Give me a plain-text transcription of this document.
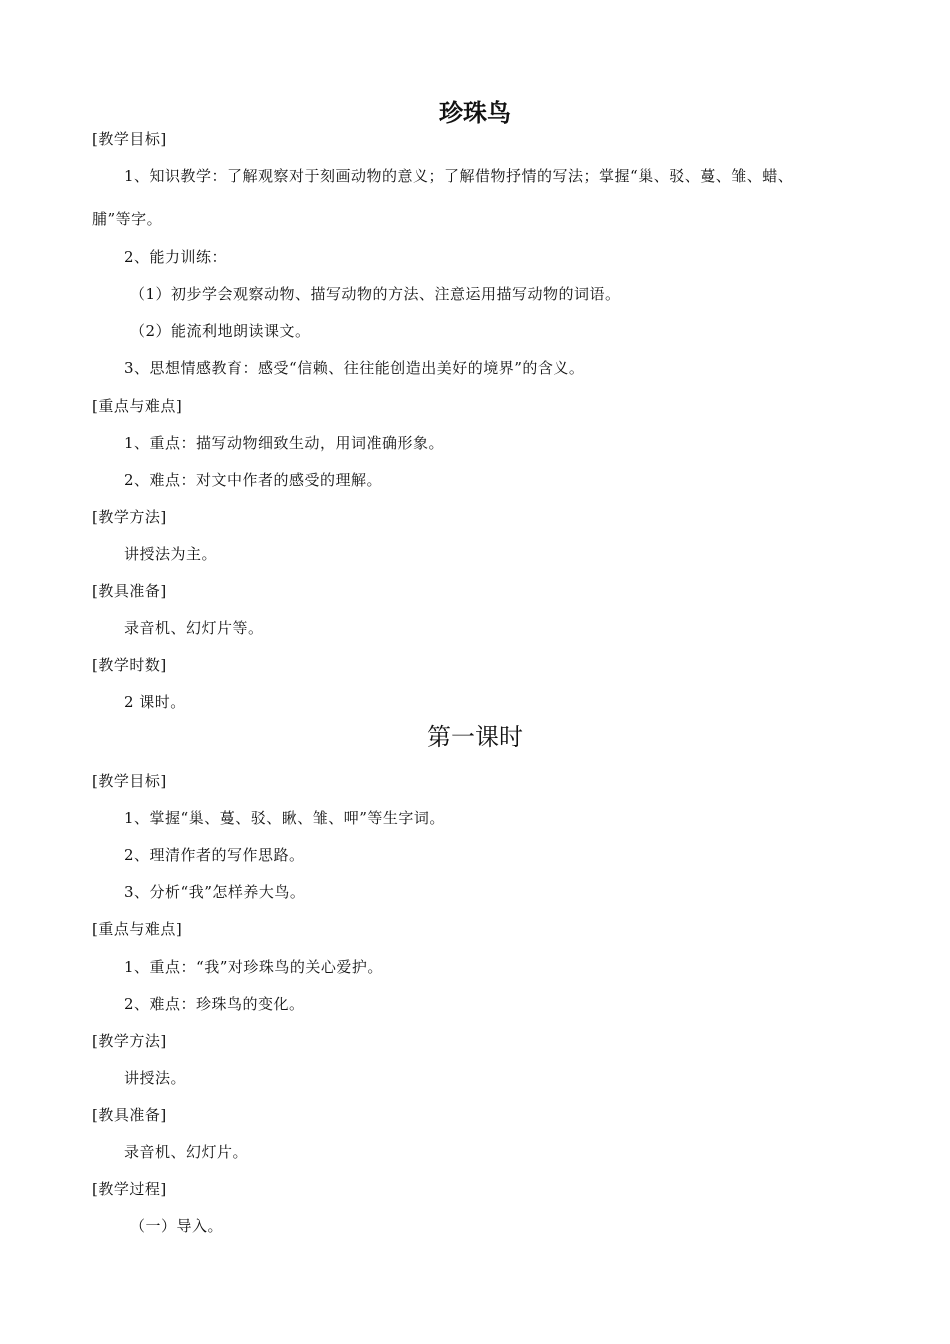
珍珠鸟
[教学目标]
1、知识教学：了解观察对于刻画动物的意义；了解借物抒情的写法；掌握“巢、驳、蔓、雏、蜡、
脯”等字。
2、能力训练：
（1）初步学会观察动物、描写动物的方法、注意运用描写动物的词语。
（2）能流利地朗读课文。
3、思想情感教育：感受“信赖、往往能创造出美好的境界”的含义。
[重点与难点]
1、重点：描写动物细致生动，用词准确形象。
2、难点：对文中作者的感受的理解。
[教学方法]
讲授法为主。
[教具准备]
录音机、幻灯片等。
[教学时数]
2 课时。
第一课时
[教学目标]
1、掌握“巢、蔓、驳、瞅、雏、呷”等生字词。
2、理清作者的写作思路。
3、分析“我”怎样养大鸟。
[重点与难点]
1、重点：“我”对珍珠鸟的关心爱护。
2、难点：珍珠鸟的变化。
[教学方法]
讲授法。
[教具准备]
录音机、幻灯片。
[教学过程]
（一）导入。
